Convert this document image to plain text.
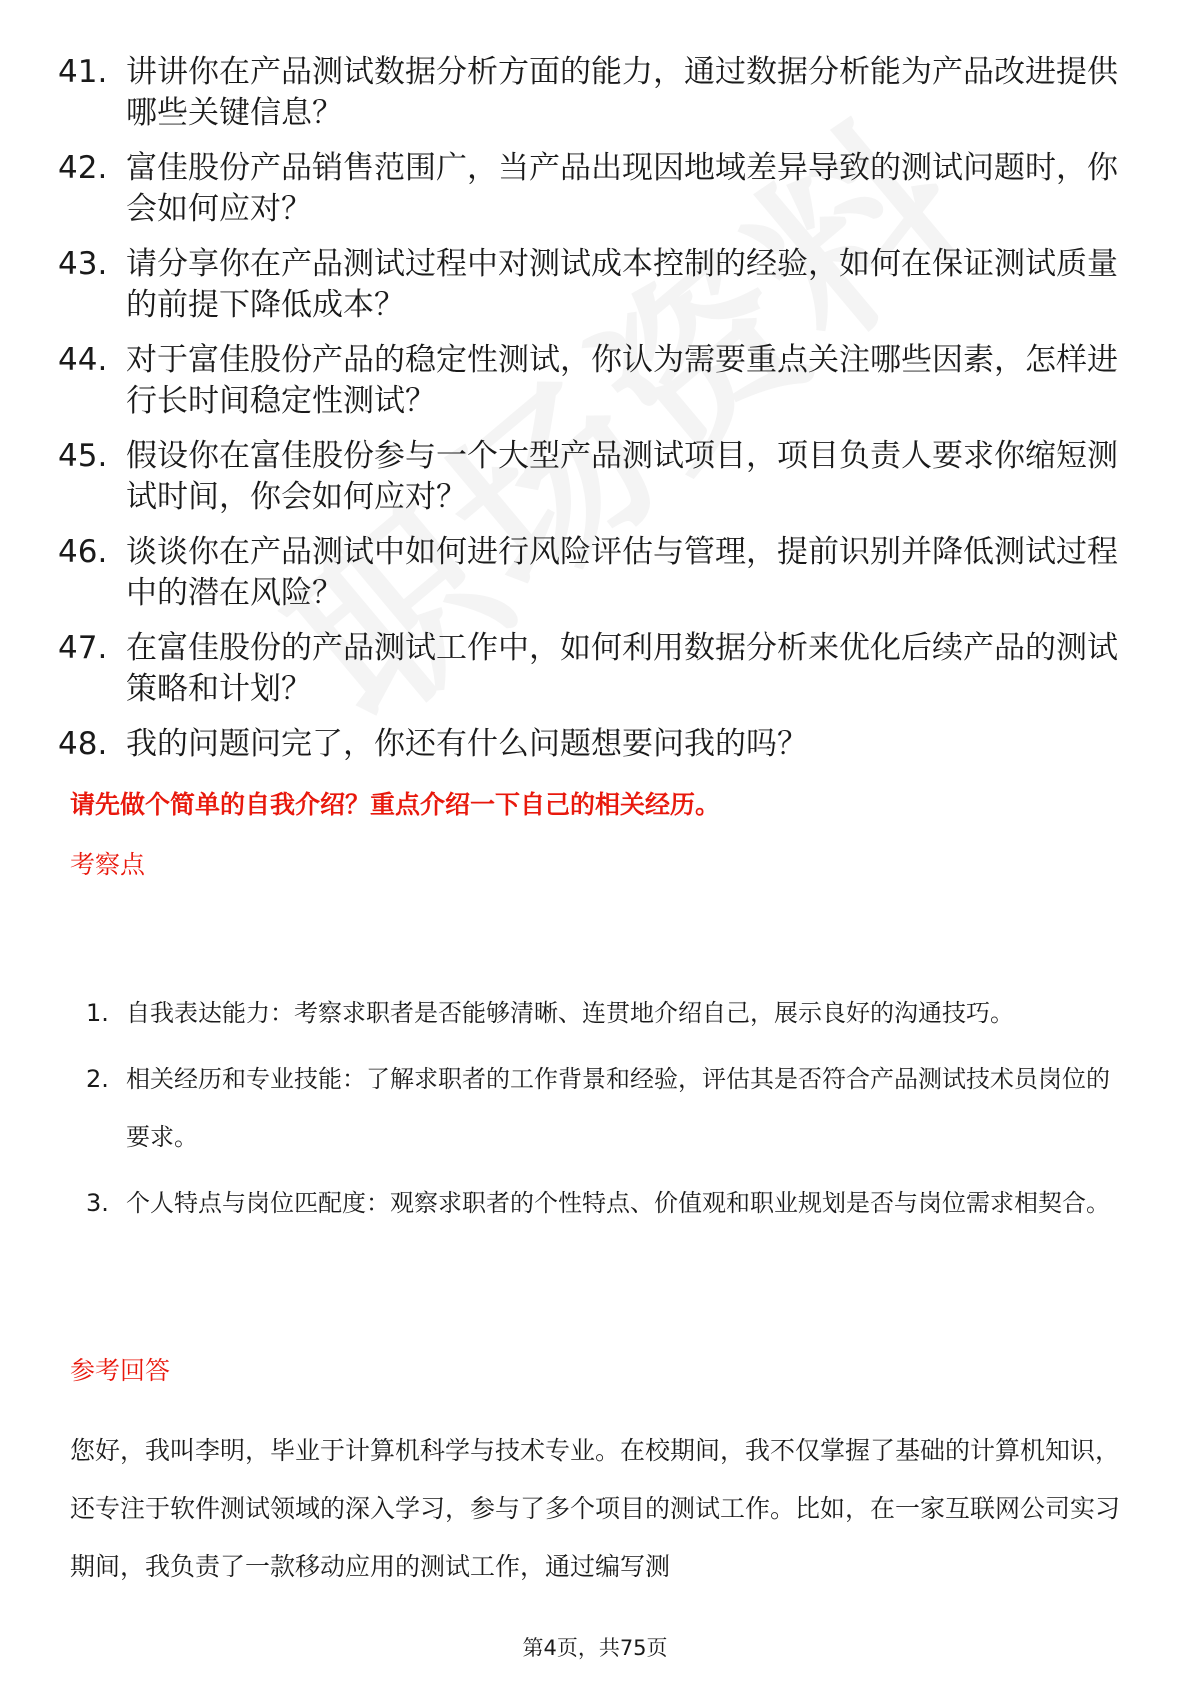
41. 讲讲你在产品测试数据分析方面的能力，通过数据分析能为产品改进提供哪些关键信息？
42. 富佳股份产品销售范围广，当产品出现因地域差异导致的测试问题时，你会如何应对？
43. 请分享你在产品测试过程中对测试成本控制的经验，如何在保证测试质量的前提下降低成本？
44. 对于富佳股份产品的稳定性测试，你认为需要重点关注哪些因素，怎样进行长时间稳定性测试？
45. 假设你在富佳股份参与一个大型产品测试项目，项目负责人要求你缩短测试时间，你会如何应对？
46. 谈谈你在产品测试中如何进行风险评估与管理，提前识别并降低测试过程中的潜在风险？
47. 在富佳股份的产品测试工作中，如何利用数据分析来优化后续产品的测试策略和计划？
48. 我的问题问完了，你还有什么问题想要问我的吗？
请先做个简单的自我介绍？重点介绍一下自己的相关经历。
考察点
1. 自我表达能力：考察求职者是否能够清晰、连贯地介绍自己，展示良好的沟通技巧。
2. 相关经历和专业技能：了解求职者的工作背景和经验，评估其是否符合产品测试技术员岗位的要求。
3. 个人特点与岗位匹配度：观察求职者的个性特点、价值观和职业规划是否与岗位需求相契合。
参考回答
您好，我叫李明，毕业于计算机科学与技术专业。在校期间，我不仅掌握了基础的计算机知识，还专注于软件测试领域的深入学习，参与了多个项目的测试工作。比如，在一家互联网公司实习期间，我负责了一款移动应用的测试工作，通过编写测
第4页，共75页
